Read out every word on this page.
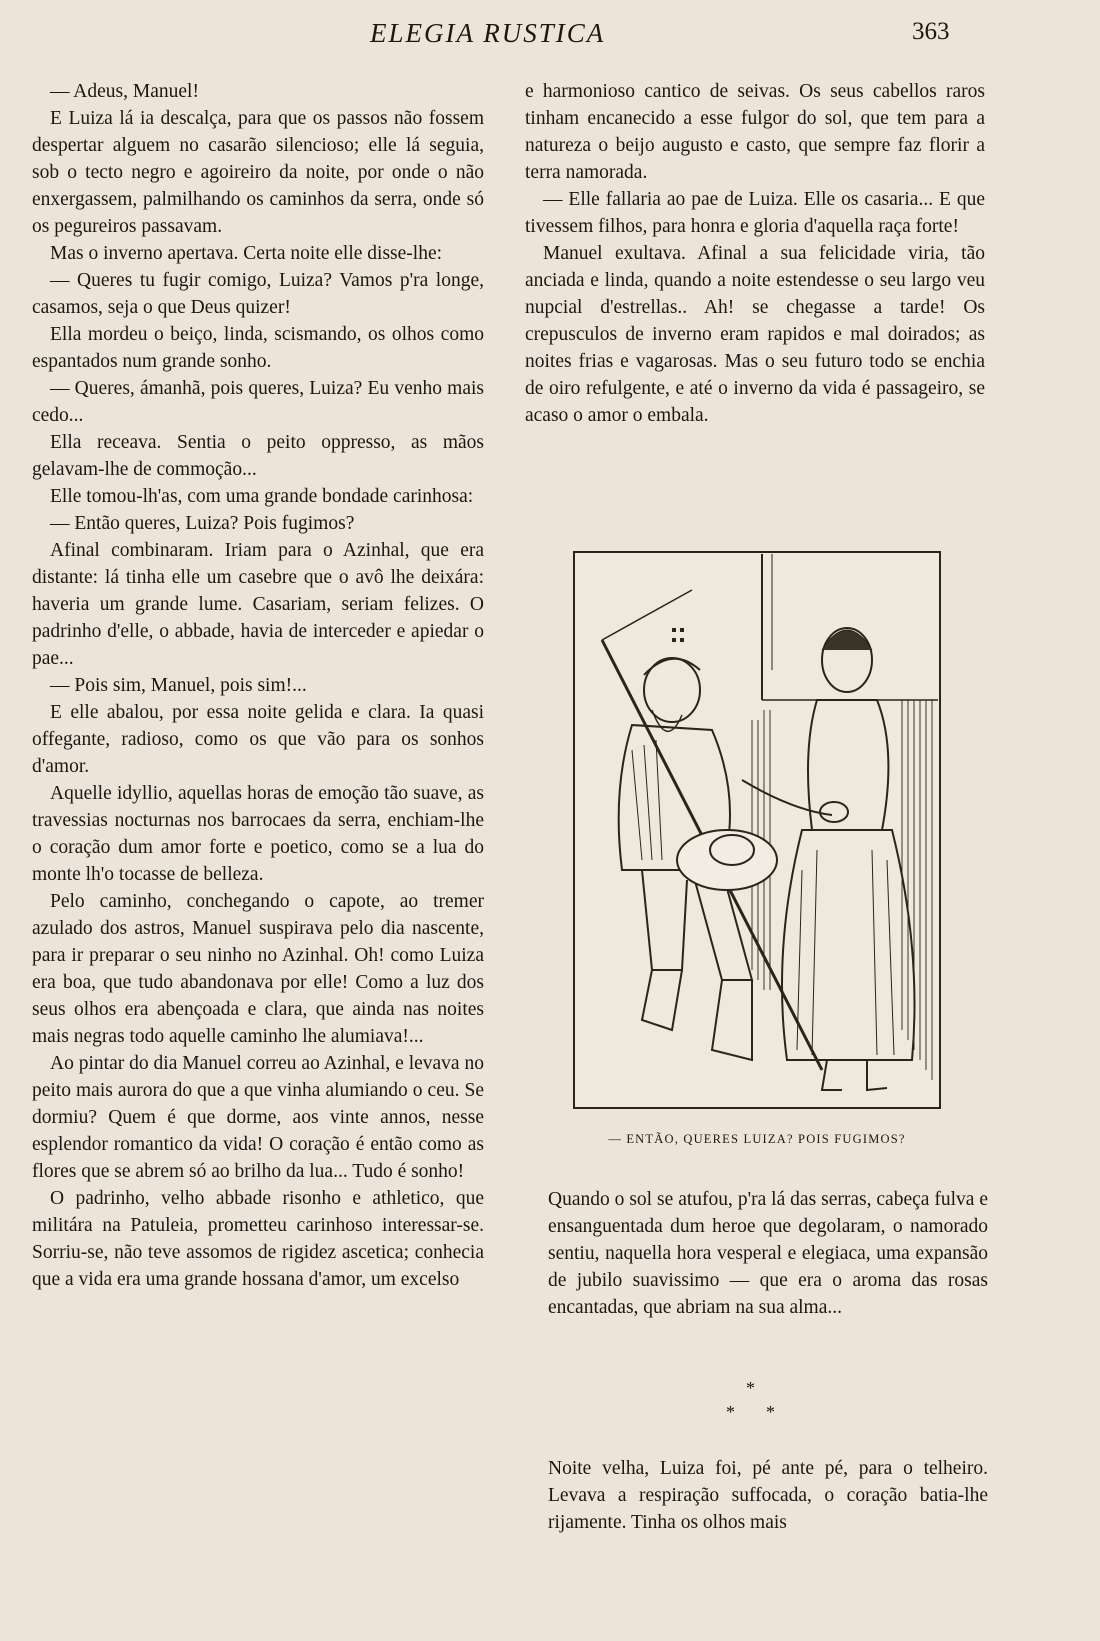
ELEGIA RUSTICA	363

— Adeus, Manuel!

E Luiza lá ia descalça, para que os passos não fossem despertar alguem no casarão silencioso; elle lá seguia, sob o tecto negro e agoireiro da noite, por onde o não enxergassem, palmilhando os caminhos da serra, onde só os pegureiros passavam.

Mas o inverno apertava. Certa noite elle disse-lhe:

— Queres tu fugir comigo, Luiza? Vamos p'ra longe, casamos, seja o que Deus quizer!

Ella mordeu o beiço, linda, scismando, os olhos como espantados num grande sonho.

— Queres, ámanhã, pois queres, Luiza? Eu venho mais cedo...

Ella receava. Sentia o peito oppresso, as mãos gelavam-lhe de commoção...

Elle tomou-lh'as, com uma grande bondade carinhosa:

— Então queres, Luiza? Pois fugimos?

Afinal combinaram. Iriam para o Azinhal, que era distante: lá tinha elle um casebre que o avô lhe deixára: haveria um grande lume. Casariam, seriam felizes. O padrinho d'elle, o abbade, havia de interceder e apiedar o pae...

— Pois sim, Manuel, pois sim!...

E elle abalou, por essa noite gelida e clara. Ia quasi offegante, radioso, como os que vão para os sonhos d'amor.

Aquelle idyllio, aquellas horas de emoção tão suave, as travessias nocturnas nos barrocaes da serra, enchiam-lhe o coração dum amor forte e poetico, como se a lua do monte lh'o tocasse de belleza.

Pelo caminho, conchegando o capote, ao tremer azulado dos astros, Manuel suspirava pelo dia nascente, para ir preparar o seu ninho no Azinhal. Oh! como Luiza era boa, que tudo abandonava por elle! Como a luz dos seus olhos era abençoada e clara, que ainda nas noites mais negras todo aquelle caminho lhe alumiava!...

Ao pintar do dia Manuel correu ao Azinhal, e levava no peito mais aurora do que a que vinha alumiando o ceu. Se dormiu? Quem é que dorme, aos vinte annos, nesse esplendor romantico da vida! O coração é então como as flores que se abrem só ao brilho da lua... Tudo é sonho!

O padrinho, velho abbade risonho e athletico, que militára na Patuleia, prometteu carinhoso interessar-se. Sorriu-se, não teve assomos de rigidez ascetica; conhecia que a vida era uma grande hossana d'amor, um excelso

e harmonioso cantico de seivas. Os seus cabellos raros tinham encanecido a esse fulgor do sol, que tem para a natureza o beijo augusto e casto, que sempre faz florir a terra namorada.

— Elle fallaria ao pae de Luiza. Elle os casaria... E que tivessem filhos, para honra e gloria d'aquella raça forte!

Manuel exultava. Afinal a sua felicidade viria, tão anciada e linda, quando a noite estendesse o seu largo veu nupcial d'estrellas.. Ah! se chegasse a tarde! Os crepusculos de inverno eram rapidos e mal doirados; as noites frias e vagarosas. Mas o seu futuro todo se enchia de oiro refulgente, e até o inverno da vida é passageiro, se acaso o amor o embala.

— ENTÃO, QUERES LUIZA? POIS FUGIMOS?

Quando o sol se atufou, p'ra lá das serras, cabeça fulva e ensanguentada dum heroe que degolaram, o namorado sentiu, naquella hora vesperal e elegiaca, uma expansão de jubilo suavissimo — que era o aroma das rosas encantadas, que abriam na sua alma...

*
* *

Noite velha, Luiza foi, pé ante pé, para o telheiro. Levava a respiração suffocada, o coração batia-lhe rijamente. Tinha os olhos mais
